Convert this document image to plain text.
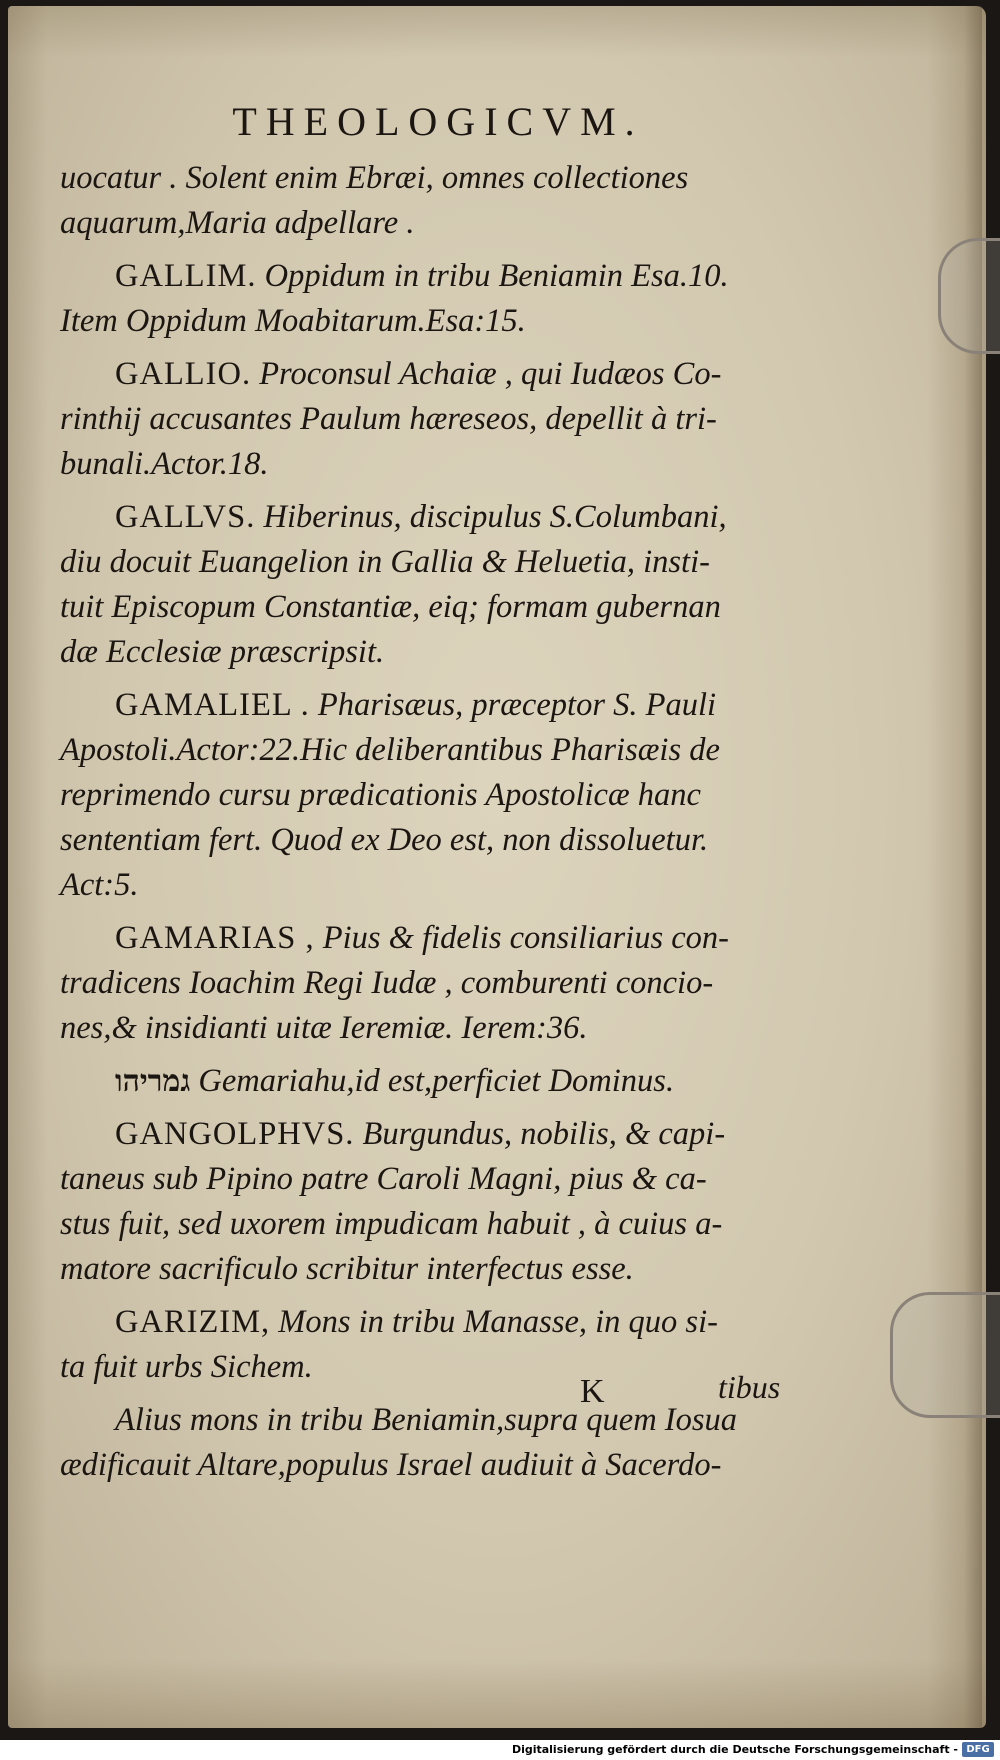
THEOLOGICVM.
uocatur . Solent enim Ebræi, omnes collectiones
aquarum,Maria adpellare .
GALLIM. Oppidum in tribu Beniamin Esa.10.
Item Oppidum Moabitarum.Esa:15.
GALLIO. Proconsul Achaiæ , qui Iudæos Co-
rinthij accusantes Paulum hæreseos, depellit à tri-
bunali.Actor.18.
GALLVS. Hiberinus, discipulus S.Columbani,
diu docuit Euangelion in Gallia & Heluetia, insti-
tuit Episcopum Constantiæ, eiq; formam gubernan
dæ Ecclesiæ præscripsit.
GAMALIEL . Pharisæus, præceptor S. Pauli
Apostoli.Actor:22.Hic deliberantibus Pharisæis de
reprimendo cursu prædicationis Apostolicæ hanc
sententiam fert. Quod ex Deo est, non dissoluetur.
Act:5.
GAMARIAS , Pius & fidelis consiliarius con-
tradicens Ioachim Regi Iudæ , comburenti concio-
nes,& insidianti uitæ Ieremiæ. Ierem:36.
גמריהו Gemariahu,id est,perficiet Dominus.
GANGOLPHVS. Burgundus, nobilis, & capi-
taneus sub Pipino patre Caroli Magni, pius & ca-
stus fuit, sed uxorem impudicam habuit , à cuius a-
matore sacrificulo scribitur interfectus esse.
GARIZIM, Mons in tribu Manasse, in quo si-
ta fuit urbs Sichem.
Alius mons in tribu Beniamin,supra quem Iosua
ædificauit Altare,populus Israel audiuit à Sacerdo-
K	tibus
Digitalisierung gefördert durch die Deutsche Forschungsgemeinschaft - DFG
